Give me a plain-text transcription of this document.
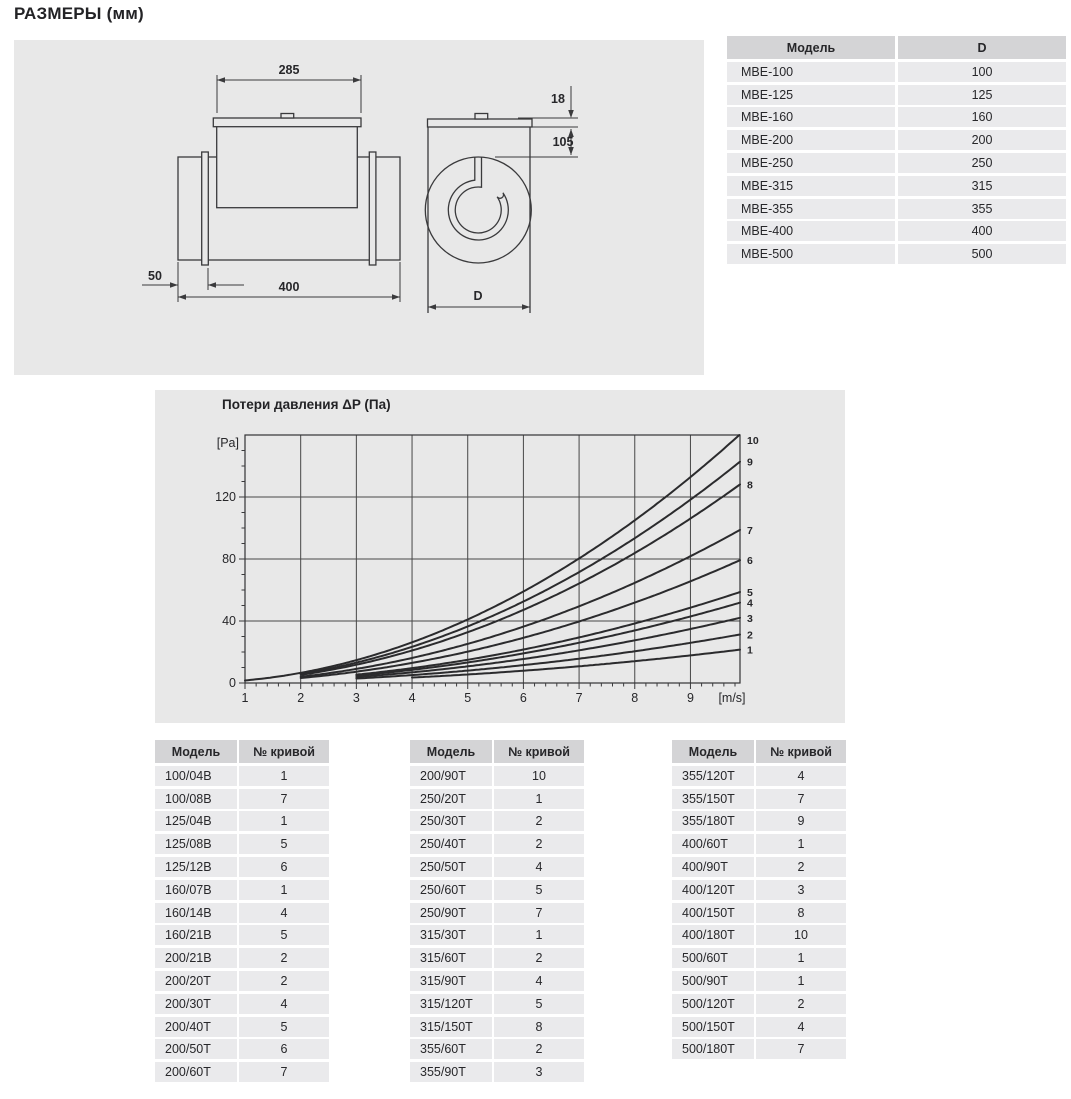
РАЗМЕРЫ (мм)
285
18
105
50
400
D
Модель	D
МВЕ-100	100
МВЕ-125	125
МВЕ-160	160
МВЕ-200	200
МВЕ-250	250
МВЕ-315	315
МВЕ-355	355
МВЕ-400	400
МВЕ-500	500
Потери давления ΔP (Па)
1	2	3	4	5	6	7	8	9 [m/s]
0
40
80
120
[Pa]
1
2
3
4
5
6
7
8
9
10
Модель	№ кривой
100/04В	1
100/08В	7
125/04В	1
125/08В	5
125/12В	6
160/07В	1
160/14В	4
160/21В	5
200/21В	2
200/20Т	2
200/30Т	4
200/40Т	5
200/50Т	6
200/60Т	7
Модель	№ кривой
200/90Т	10
250/20Т	1
250/30Т	2
250/40Т	2
250/50Т	4
250/60Т	5
250/90Т	7
315/30Т	1
315/60Т	2
315/90Т	4
315/120Т	5
315/150Т	8
355/60Т	2
355/90Т	3
Модель	№ кривой
355/120Т	4
355/150Т	7
355/180Т	9
400/60Т	1
400/90Т	2
400/120Т	3
400/150Т	8
400/180Т	10
500/60Т	1
500/90Т	1
500/120Т	2
500/150Т	4
500/180Т	7
